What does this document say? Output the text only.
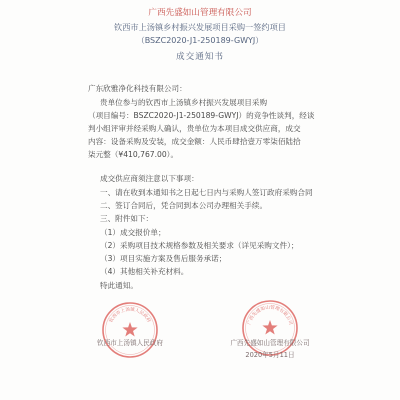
广西先盛如山管理有限公司
钦西市上汤镇乡村振兴发展项目采购一签约项目
（BSZC2020-J1-250189-GWYJ）
成交通知书
广东欣雅净化科技有限公司：
贵单位参与的钦西市上汤镇乡村振兴发展项目采购
（项目编号：BSZC2020-J1-250189-GWYJ）的竞争性谈判，经谈
判小组评审并经采购人确认，贵单位为本项目成交供应商，成交
内容：设备采购及安装，成交金额：人民币肆拾壹万零柒佰陆拾
柒元整（¥410,767.00）。
成交供应商须注意以下事项：
一、请在收到本通知书之日起七日内与采购人签订政府采购合同
二、签订合同后，凭合同到本公司办理相关手续。
三、附件如下：
（1）成交报价单；
（2）采购项目技术规格参数及相关要求（详见采购文件）；
（3）项目实施方案及售后服务承诺；
（4）其他相关补充材料。
特此通知。
钦西市上汤镇人民政府	广西先盛如山管理有限公司
钦西市上汤镇人民政府	广西先盛如山管理有限公司
2020年5月11日
